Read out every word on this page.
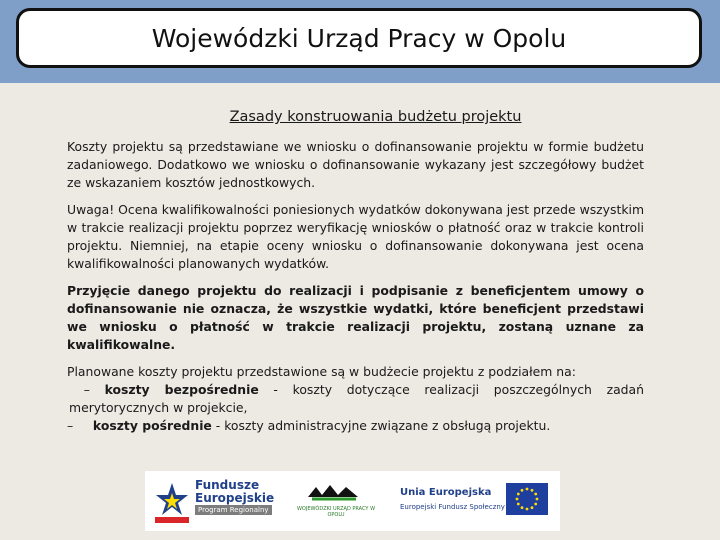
Wojewódzki Urząd Pracy w Opolu

Zasady konstruowania budżetu projektu

Koszty projektu są przedstawiane we wniosku o dofinansowanie projektu w formie budżetu zadaniowego. Dodatkowo we wniosku o dofinansowanie wykazany jest szczegółowy budżet ze wskazaniem kosztów jednostkowych.

Uwaga! Ocena kwalifikowalności poniesionych wydatków dokonywana jest przede wszystkim w trakcie realizacji projektu poprzez weryfikację wniosków o płatność oraz w trakcie kontroli projektu. Niemniej, na etapie oceny wniosku o dofinansowanie dokonywana jest ocena kwalifikowalności planowanych wydatków.

Przyjęcie danego projektu do realizacji i podpisanie z beneficjentem umowy o dofinansowanie nie oznacza, że wszystkie wydatki, które beneficjent przedstawi we wniosku o płatność w trakcie realizacji projektu, zostaną uznane za kwalifikowalne.

Planowane koszty projektu przedstawione są w budżecie projektu z podziałem na:

– koszty bezpośrednie - koszty dotyczące realizacji poszczególnych zadań merytorycznych w projekcie,

– koszty pośrednie - koszty administracyjne związane z obsługą projektu.

Fundusze
Europejskie
Program Regionalny	WOJEWÓDZKI URZĄD PRACY W OPOLU
Unia Europejska
Europejski Fundusz Społeczny
